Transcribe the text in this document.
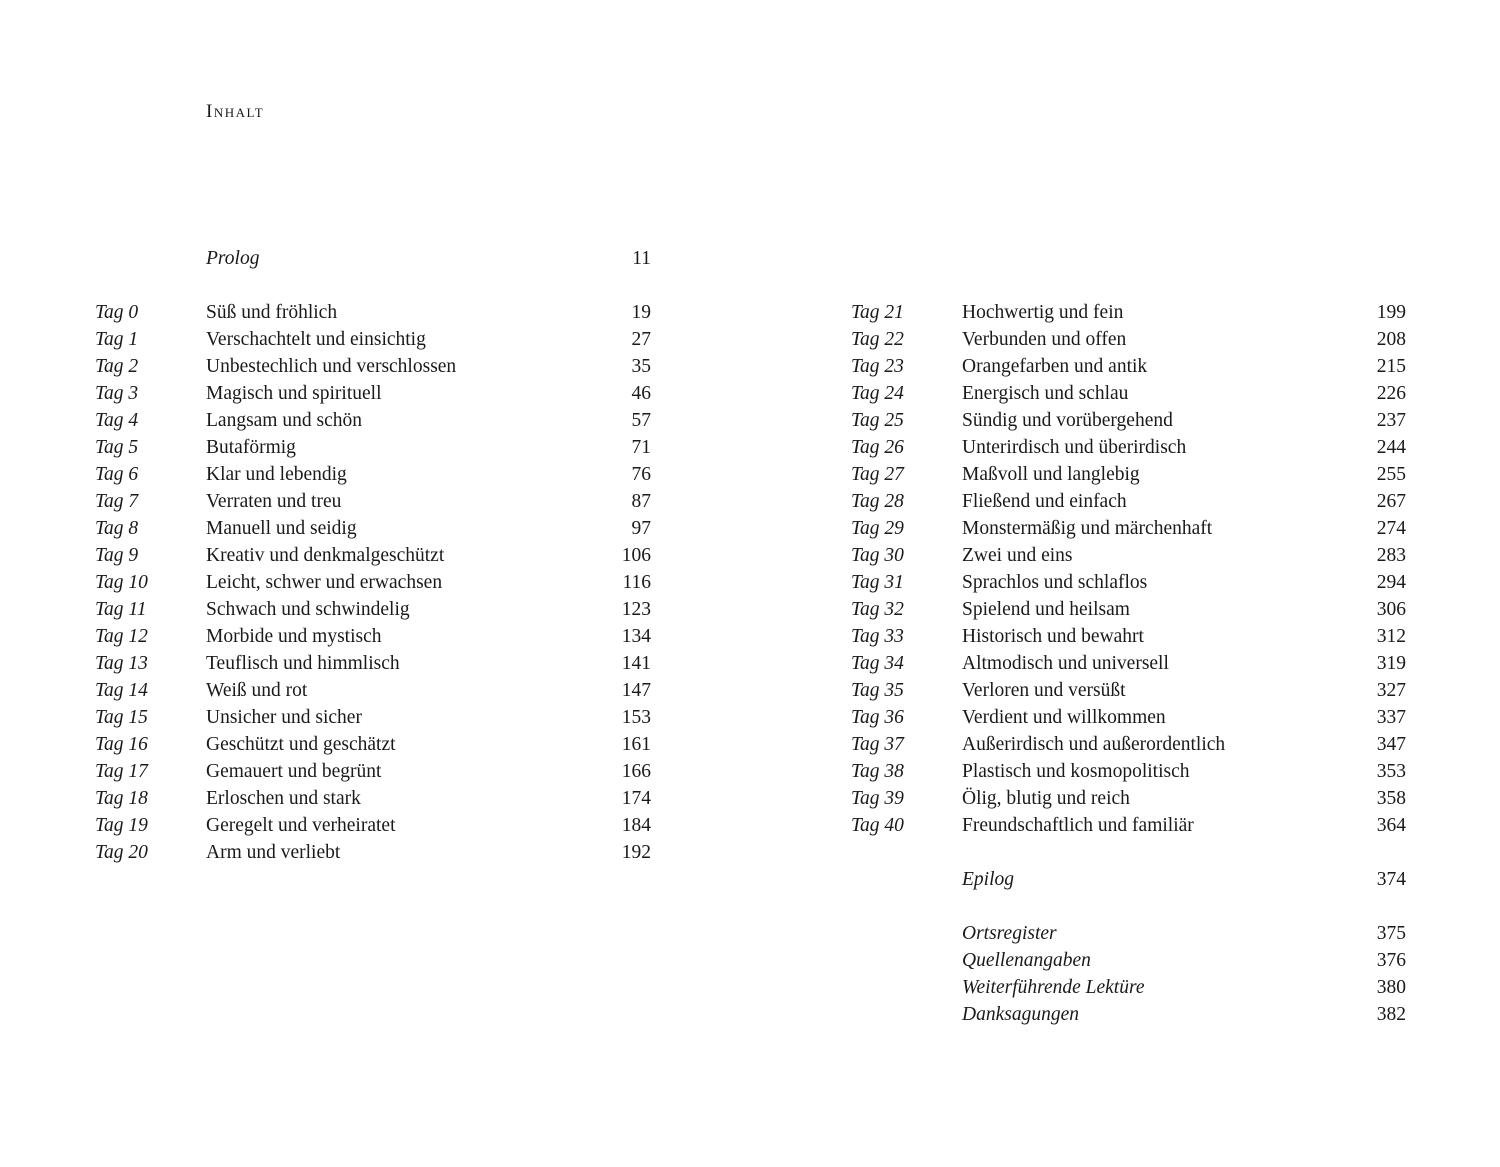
Inhalt
Prolog	11
Tag 0	Süß und fröhlich	19
Tag 1	Verschachtelt und einsichtig	27
Tag 2	Unbestechlich und verschlossen	35
Tag 3	Magisch und spirituell	46
Tag 4	Langsam und schön	57
Tag 5	Butaförmig	71
Tag 6	Klar und lebendig	76
Tag 7	Verraten und treu	87
Tag 8	Manuell und seidig	97
Tag 9	Kreativ und denkmalgeschützt	106
Tag 10	Leicht, schwer und erwachsen	116
Tag 11	Schwach und schwindelig	123
Tag 12	Morbide und mystisch	134
Tag 13	Teuflisch und himmlisch	141
Tag 14	Weiß und rot	147
Tag 15	Unsicher und sicher	153
Tag 16	Geschützt und geschätzt	161
Tag 17	Gemauert und begrünt	166
Tag 18	Erloschen und stark	174
Tag 19	Geregelt und verheiratet	184
Tag 20	Arm und verliebt	192
Tag 21	Hochwertig und fein	199
Tag 22	Verbunden und offen	208
Tag 23	Orangefarben und antik	215
Tag 24	Energisch und schlau	226
Tag 25	Sündig und vorübergehend	237
Tag 26	Unterirdisch und überirdisch	244
Tag 27	Maßvoll und langlebig	255
Tag 28	Fließend und einfach	267
Tag 29	Monstermäßig und märchenhaft	274
Tag 30	Zwei und eins	283
Tag 31	Sprachlos und schlaflos	294
Tag 32	Spielend und heilsam	306
Tag 33	Historisch und bewahrt	312
Tag 34	Altmodisch und universell	319
Tag 35	Verloren und versüßt	327
Tag 36	Verdient und willkommen	337
Tag 37	Außerirdisch und außerordentlich	347
Tag 38	Plastisch und kosmopolitisch	353
Tag 39	Ölig, blutig und reich	358
Tag 40	Freundschaftlich und familiär	364
Epilog	374
Ortsregister	375
Quellenangaben	376
Weiterführende Lektüre	380
Danksagungen	382
